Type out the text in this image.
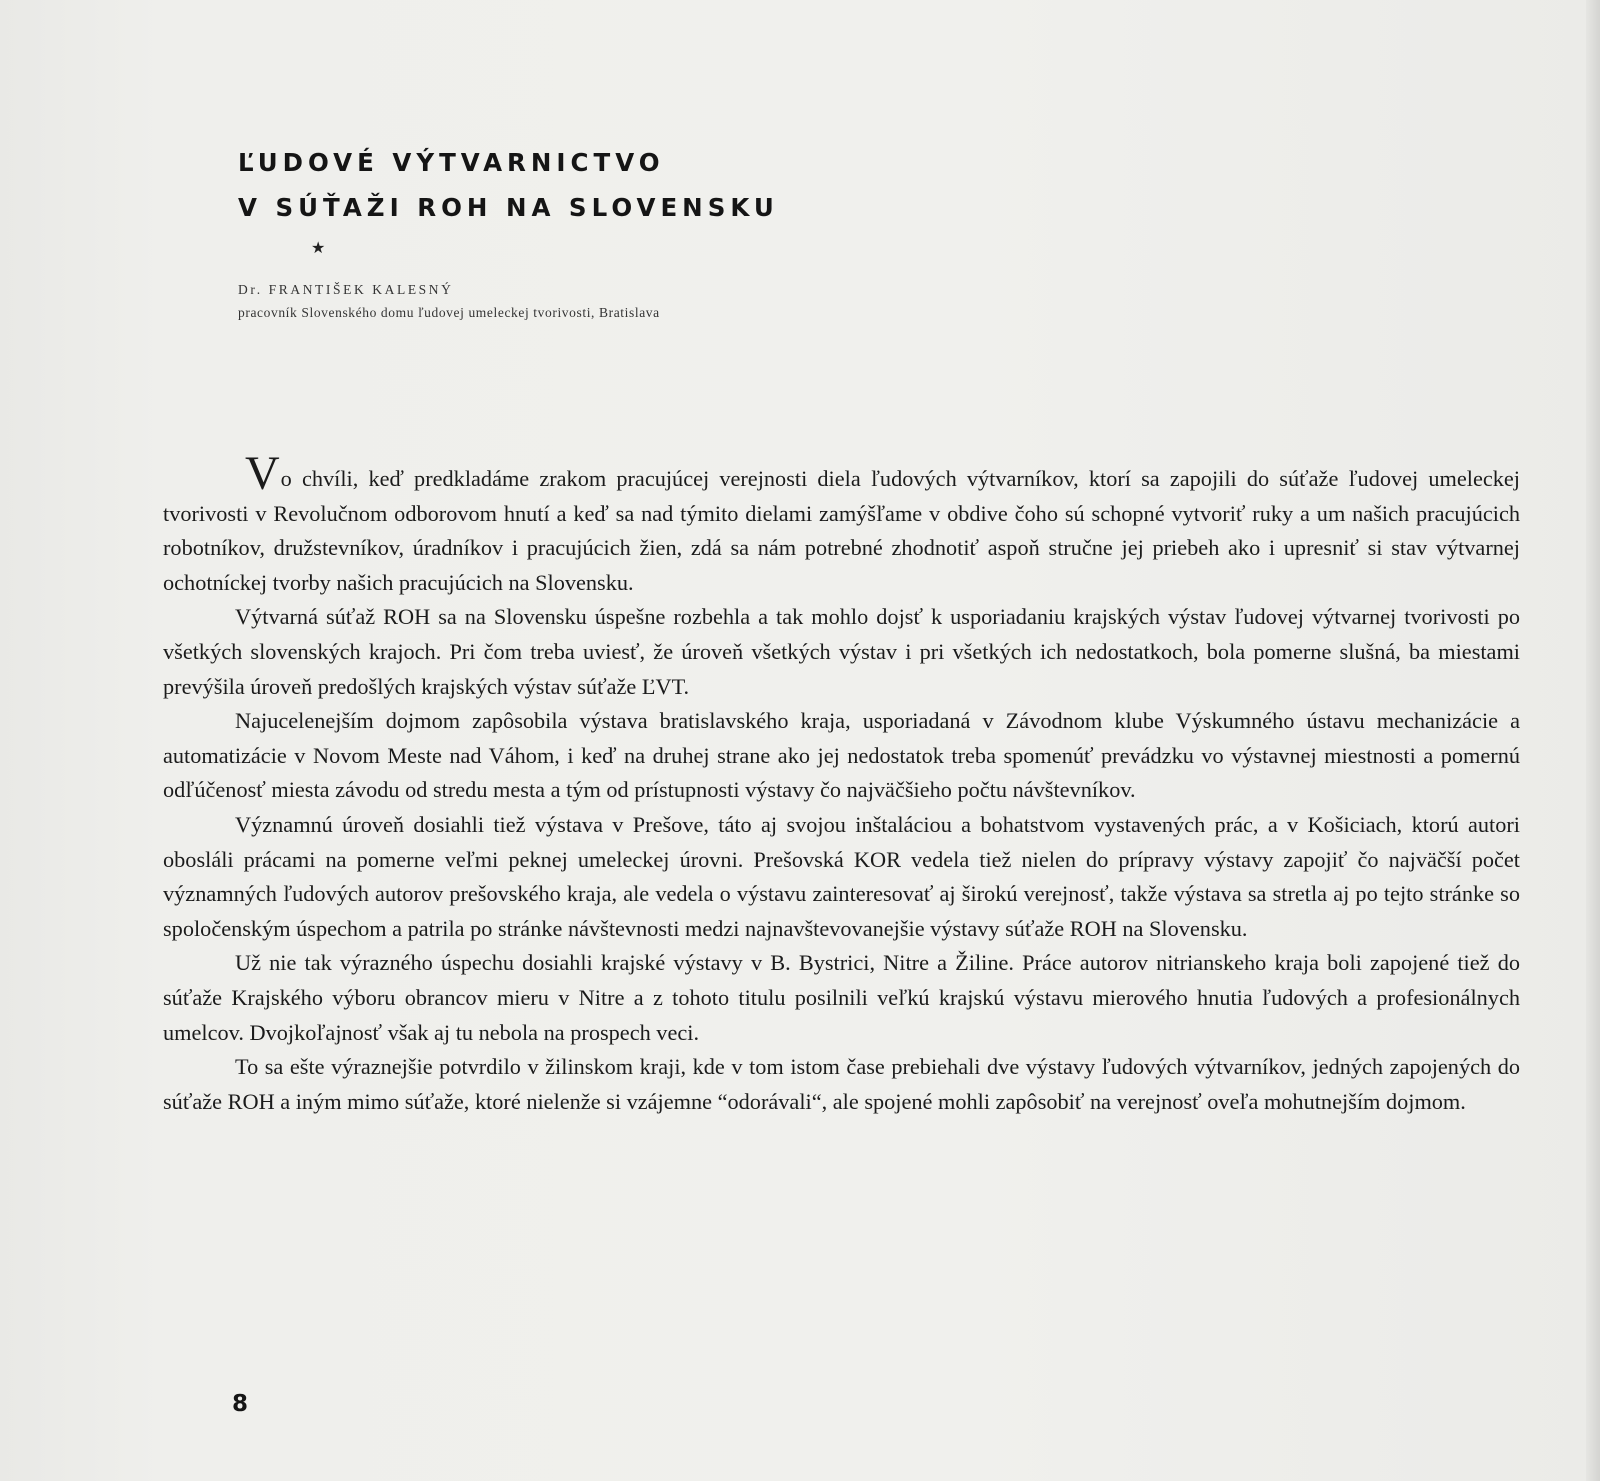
ĽUDOVÉ VÝTVARNICTVO
V SÚŤAŽI ROH NA SLOVENSKU
★
Dr. FRANTIŠEK KALESNÝ
pracovník Slovenského domu ľudovej umeleckej tvorivosti, Bratislava

Vo chvíli, keď predkladáme zrakom pracujúcej verejnosti diela ľudových výtvarníkov, ktorí sa zapojili do súťaže ľudovej umeleckej tvorivosti v Revolučnom odborovom hnutí a keď sa nad týmito dielami zamýšľame v obdive čoho sú schopné vytvoriť ruky a um našich pracujúcich robotníkov, družstevníkov, úradníkov i pracujúcich žien, zdá sa nám potrebné zhodnotiť aspoň stručne jej priebeh ako i upresniť si stav výtvarnej ochotníckej tvorby našich pracujúcich na Slovensku.

Výtvarná súťaž ROH sa na Slovensku úspešne rozbehla a tak mohlo dojsť k usporiadaniu krajských výstav ľudovej výtvarnej tvorivosti po všetkých slovenských krajoch. Pri čom treba uviesť, že úroveň všetkých výstav i pri všetkých ich nedostatkoch, bola pomerne slušná, ba miestami prevýšila úroveň predošlých krajských výstav súťaže ĽVT.

Najucelenejším dojmom zapôsobila výstava bratislavského kraja, usporiadaná v Závodnom klube Výskumného ústavu mechanizácie a automatizácie v Novom Meste nad Váhom, i keď na druhej strane ako jej nedostatok treba spomenúť prevádzku vo výstavnej miestnosti a pomernú odľúčenosť miesta závodu od stredu mesta a tým od prístupnosti výstavy čo najväčšieho počtu návštevníkov.

Významnú úroveň dosiahli tiež výstava v Prešove, táto aj svojou inštaláciou a bohatstvom vystavených prác, a v Košiciach, ktorú autori obosláli prácami na pomerne veľmi peknej umeleckej úrovni. Prešovská KOR vedela tiež nielen do prípravy výstavy zapojiť čo najväčší počet významných ľudových autorov prešovského kraja, ale vedela o výstavu zainteresovať aj širokú verejnosť, takže výstava sa stretla aj po tejto stránke so spoločenským úspechom a patrila po stránke návštevnosti medzi najnavštevovanejšie výstavy súťaže ROH na Slovensku.

Už nie tak výrazného úspechu dosiahli krajské výstavy v B. Bystrici, Nitre a Žiline. Práce autorov nitrianskeho kraja boli zapojené tiež do súťaže Krajského výboru obrancov mieru v Nitre a z tohoto titulu posilnili veľkú krajskú výstavu mierového hnutia ľudových a profesionálnych umelcov. Dvojkoľajnosť však aj tu nebola na prospech veci.

To sa ešte výraznejšie potvrdilo v žilinskom kraji, kde v tom istom čase prebiehali dve výstavy ľudových výtvarníkov, jedných zapojených do súťaže ROH a iným mimo súťaže, ktoré nielenže si vzájemne “odorávali“, ale spojené mohli zapôsobiť na verejnosť oveľa mohutnejším dojmom.

8
